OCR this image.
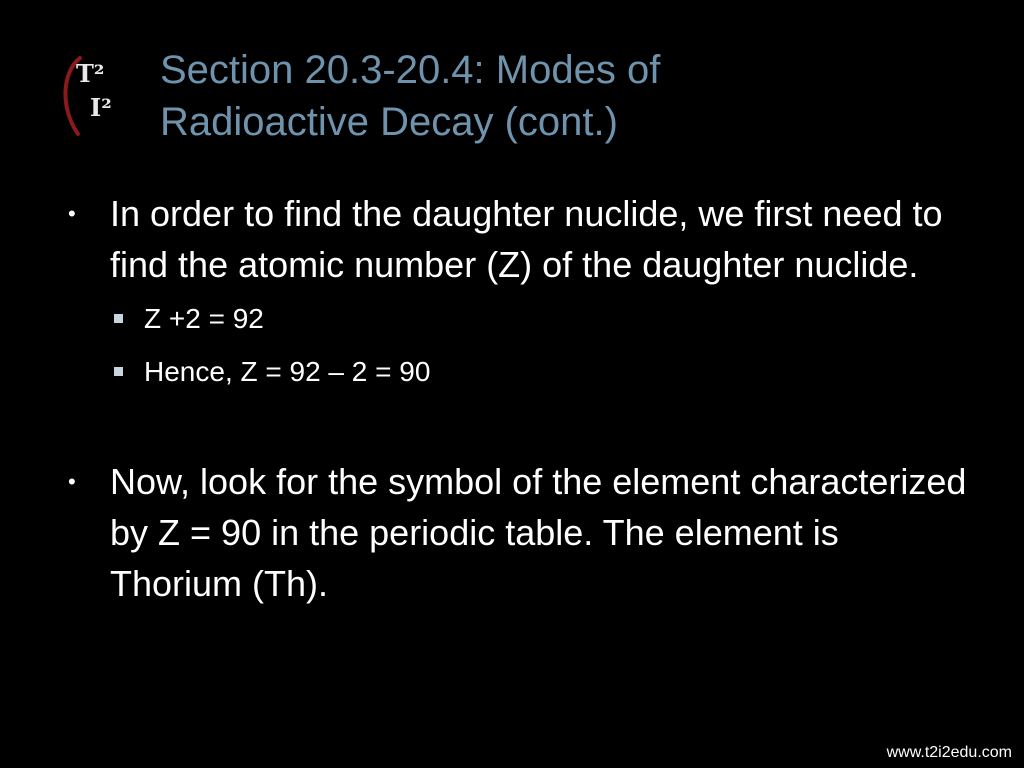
T²
I²
Section 20.3-20.4: Modes of
Radioactive Decay (cont.)
• In order to find the daughter nuclide, we first need to find the atomic number (Z) of the daughter nuclide.
Z +2 = 92
Hence, Z = 92 – 2 = 90
• Now, look for the symbol of the element characterized by Z = 90 in the periodic table. The element is Thorium (Th).
www.t2i2edu.com
